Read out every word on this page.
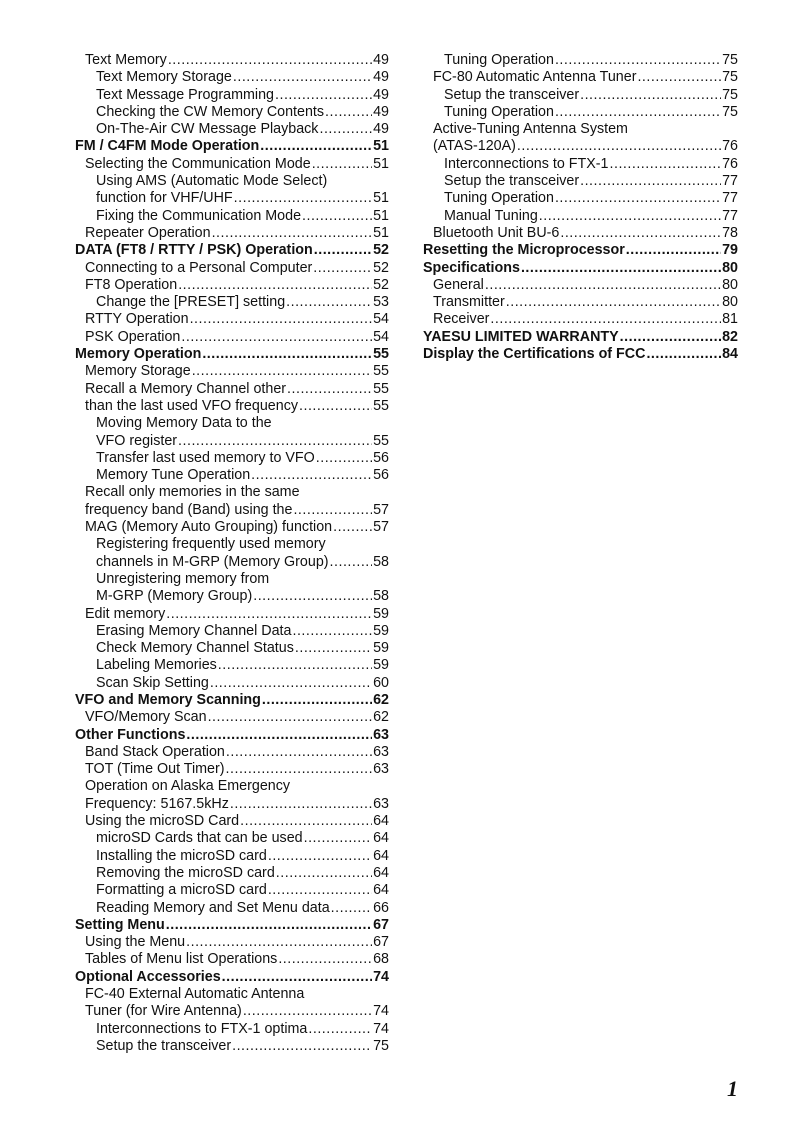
Text Memory .....	49
Text Memory Storage .....	49
Text Message Programming .....	49
Checking the CW Memory Contents .....	49
On-The-Air CW Message Playback .....	49
FM / C4FM Mode Operation .....	51
Selecting the Communication Mode .....	51
Using AMS (Automatic Mode Select)
function for VHF/UHF .....	51
Fixing the Communication Mode .....	51
Repeater Operation .....	51
DATA (FT8 / RTTY / PSK) Operation .....	52
Connecting to a Personal Computer .....	52
FT8 Operation .....	52
Change the [PRESET] setting .....	53
RTTY Operation .....	54
PSK Operation .....	54
Memory Operation .....	55
Memory Storage .....	55
Recall a Memory Channel other .....	55
than the last used VFO frequency .....	55
Moving Memory Data to the
VFO register .....	55
Transfer last used memory to VFO .....	56
Memory Tune Operation .....	56
Recall only memories in the same
frequency band (Band) using the .....	57
MAG (Memory Auto Grouping) function .....	57
Registering frequently used memory
channels in M-GRP (Memory Group) .....	58
Unregistering memory from
M-GRP (Memory Group) .....	58
Edit memory .....	59
Erasing Memory Channel Data .....	59
Check Memory Channel Status .....	59
Labeling Memories .....	59
Scan Skip Setting .....	60
VFO and Memory Scanning .....	62
VFO/Memory Scan .....	62
Other Functions .....	63
Band Stack Operation .....	63
TOT (Time Out Timer) .....	63
Operation on Alaska Emergency
Frequency: 5167.5kHz .....	63
Using the microSD Card .....	64
microSD Cards that can be used .....	64
Installing the microSD card .....	64
Removing the microSD card .....	64
Formatting a microSD card .....	64
Reading Memory and Set Menu data .....	66
Setting Menu .....	67
Using the Menu .....	67
Tables of Menu list Operations .....	68
Optional Accessories .....	74
FC-40 External Automatic Antenna
Tuner (for Wire Antenna) .....	74
Interconnections to FTX-1 optima .....	74
Setup the transceiver .....	75
Tuning Operation .....	75
FC-80 Automatic Antenna Tuner .....	75
Setup the transceiver .....	75
Tuning Operation .....	75
Active-Tuning Antenna System
(ATAS-120A) .....	76
Interconnections to FTX-1 .....	76
Setup the transceiver .....	77
Tuning Operation .....	77
Manual Tuning .....	77
Bluetooth Unit BU-6 .....	78
Resetting the Microprocessor .....	79
Specifications .....	80
General .....	80
Transmitter .....	80
Receiver .....	81
YAESU LIMITED WARRANTY .....	82
Display the Certifications of FCC .....	84
1
